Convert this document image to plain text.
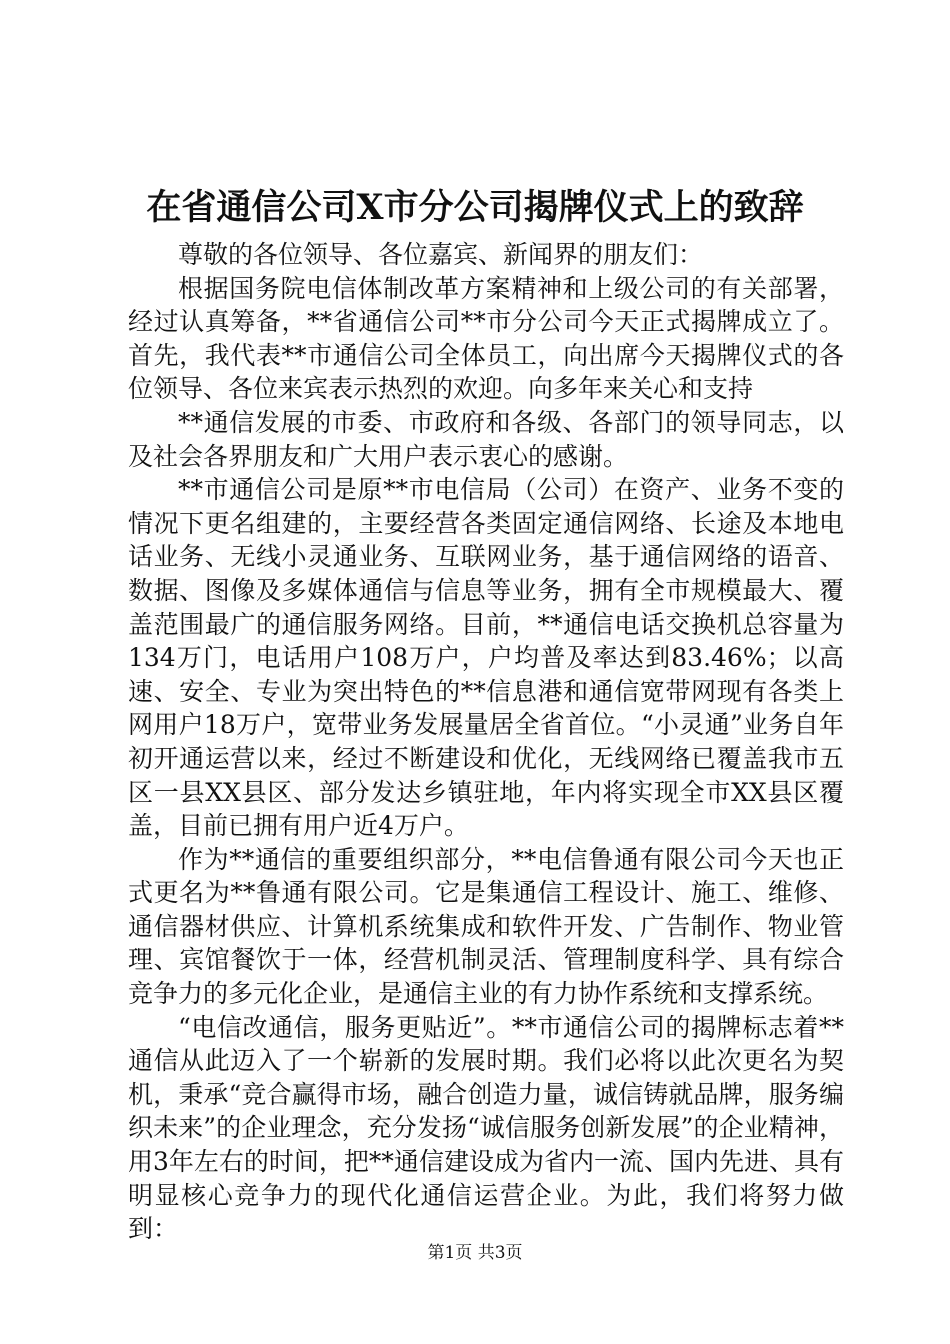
在省通信公司X市分公司揭牌仪式上的致辞

尊敬的各位领导、各位嘉宾、新闻界的朋友们：

根据国务院电信体制改革方案精神和上级公司的有关部署，经过认真筹备，**省通信公司**市分公司今天正式揭牌成立了。首先，我代表**市通信公司全体员工，向出席今天揭牌仪式的各位领导、各位来宾表示热烈的欢迎。向多年来关心和支持

**通信发展的市委、市政府和各级、各部门的领导同志，以及社会各界朋友和广大用户表示衷心的感谢。

**市通信公司是原**市电信局（公司）在资产、业务不变的情况下更名组建的，主要经营各类固定通信网络、长途及本地电话业务、无线小灵通业务、互联网业务，基于通信网络的语音、数据、图像及多媒体通信与信息等业务，拥有全市规模最大、覆盖范围最广的通信服务网络。目前，**通信电话交换机总容量为134万门，电话用户108万户，户均普及率达到83.46%；以高速、安全、专业为突出特色的**信息港和通信宽带网现有各类上网用户18万户，宽带业务发展量居全省首位。“小灵通”业务自年初开通运营以来，经过不断建设和优化，无线网络已覆盖我市五区一县XX县区、部分发达乡镇驻地，年内将实现全市XX县区覆盖，目前已拥有用户近4万户。

作为**通信的重要组织部分，**电信鲁通有限公司今天也正式更名为**鲁通有限公司。它是集通信工程设计、施工、维修、通信器材供应、计算机系统集成和软件开发、广告制作、物业管理、宾馆餐饮于一体，经营机制灵活、管理制度科学、具有综合竞争力的多元化企业，是通信主业的有力协作系统和支撑系统。

“电信改通信，服务更贴近”。**市通信公司的揭牌标志着**通信从此迈入了一个崭新的发展时期。我们必将以此次更名为契机，秉承“竞合赢得市场，融合创造力量，诚信铸就品牌，服务编织未来”的企业理念，充分发扬“诚信服务创新发展”的企业精神，用3年左右的时间，把**通信建设成为省内一流、国内先进、具有明显核心竞争力的现代化通信运营企业。为此，我们将努力做到：

第1页 共3页
